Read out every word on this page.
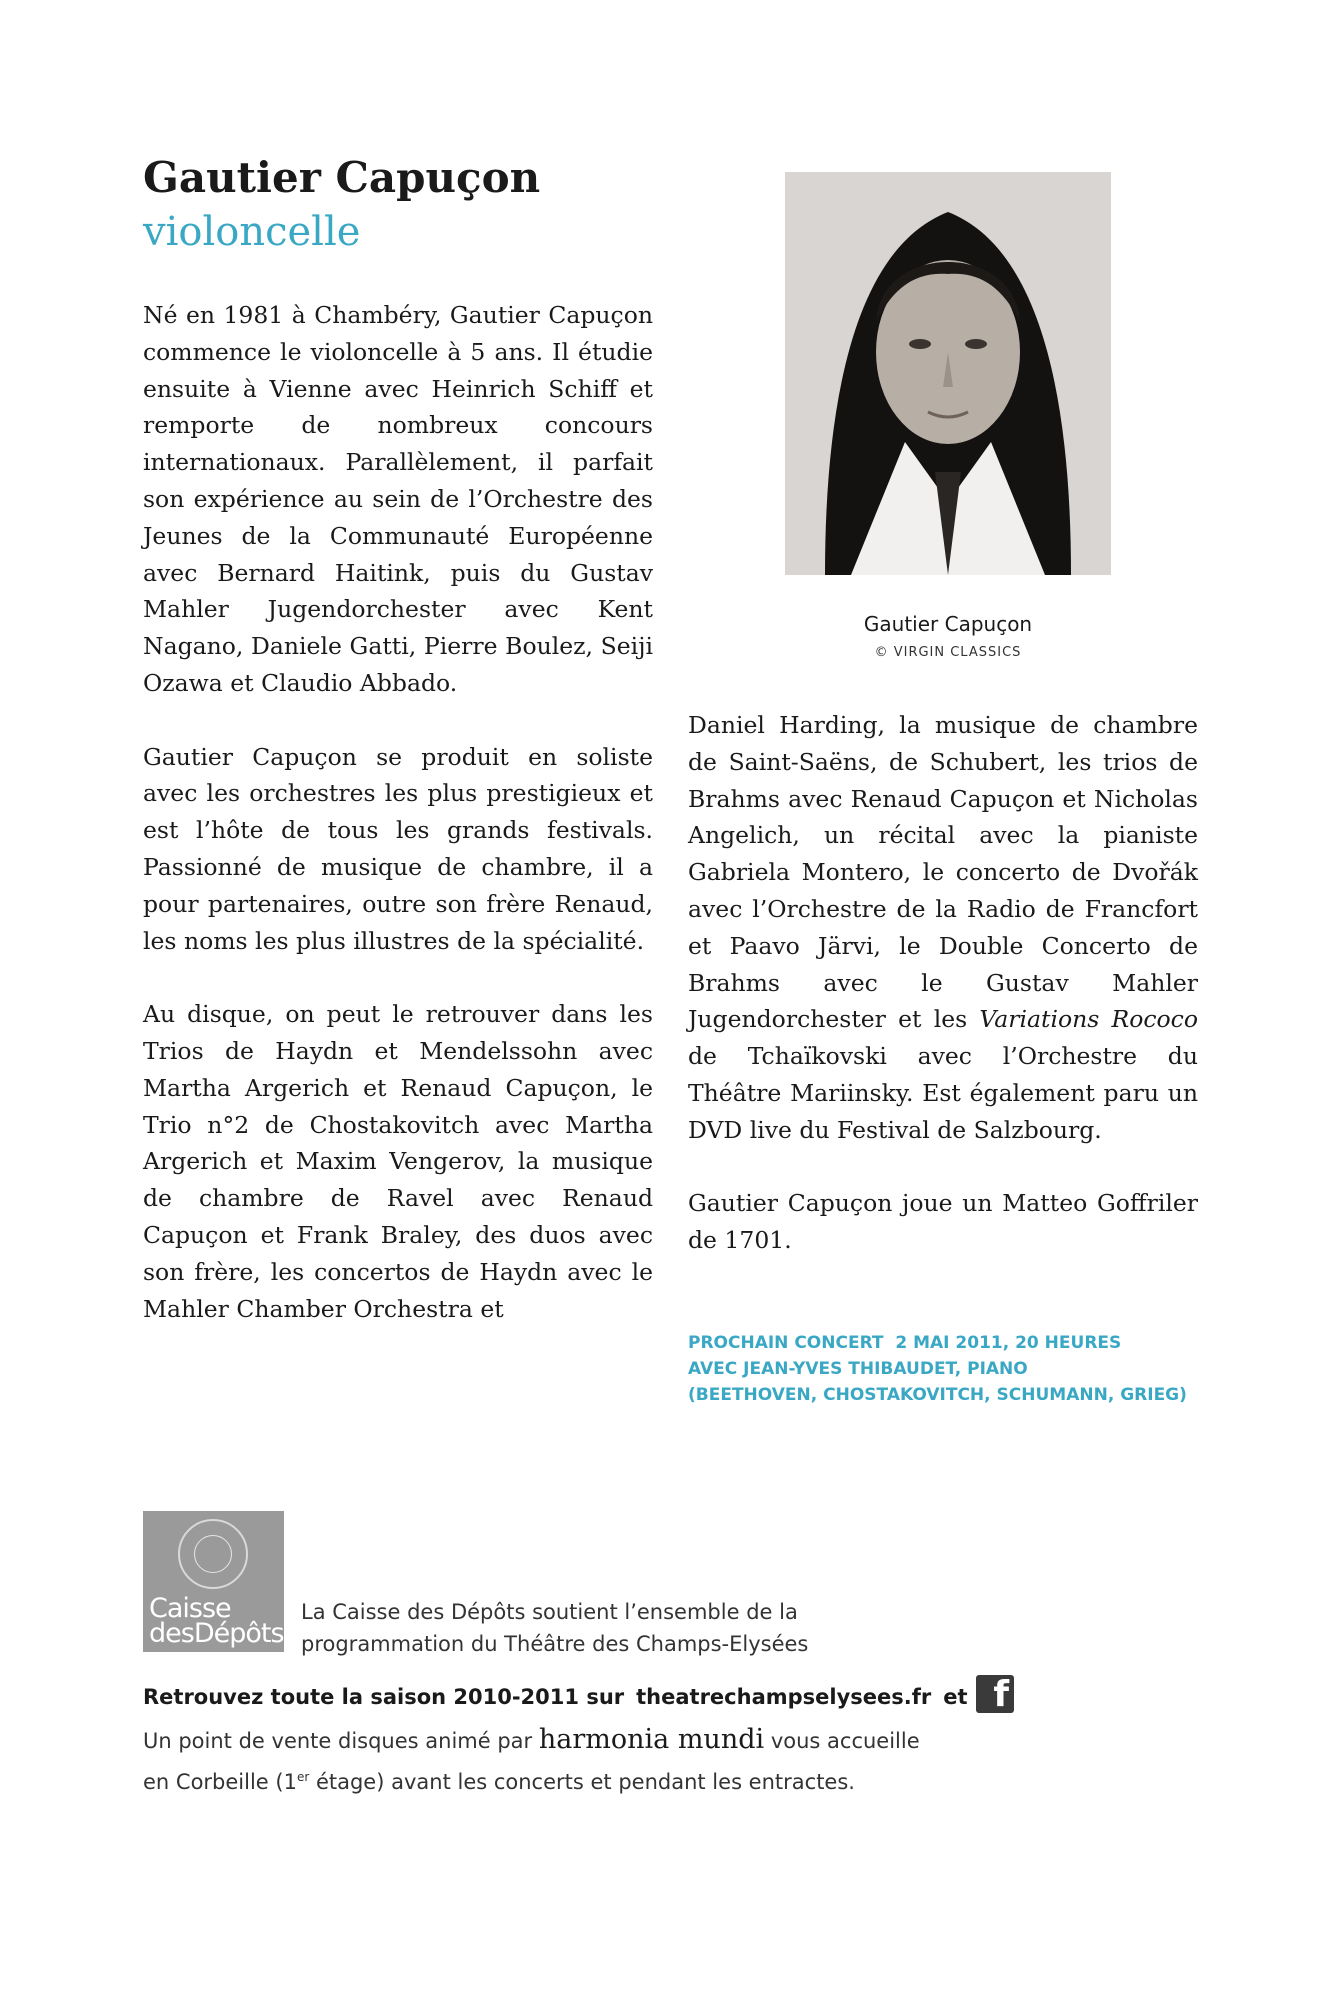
Gautier Capuçon
violoncelle

Né en 1981 à Chambéry, Gautier Capuçon commence le violoncelle à 5 ans. Il étudie ensuite à Vienne avec Heinrich Schiff et remporte de nombreux concours internationaux. Parallèlement, il parfait son expérience au sein de l’Orchestre des Jeunes de la Communauté Européenne avec Bernard Haitink, puis du Gustav Mahler Jugendorchester avec Kent Nagano, Daniele Gatti, Pierre Boulez, Seiji Ozawa et Claudio Abbado.

Gautier Capuçon se produit en soliste avec les orchestres les plus prestigieux et est l’hôte de tous les grands festivals. Passionné de musique de chambre, il a pour partenaires, outre son frère Renaud, les noms les plus illustres de la spécialité.

Au disque, on peut le retrouver dans les Trios de Haydn et Mendelssohn avec Martha Argerich et Renaud Capuçon, le Trio n°2 de Chostakovitch avec Martha Argerich et Maxim Vengerov, la musique de chambre de Ravel avec Renaud Capuçon et Frank Braley, des duos avec son frère, les concertos de Haydn avec le Mahler Chamber Orchestra et

Gautier Capuçon
© VIRGIN CLASSICS

Daniel Harding, la musique de chambre de Saint-Saëns, de Schubert, les trios de Brahms avec Renaud Capuçon et Nicholas Angelich, un récital avec la pianiste Gabriela Montero, le concerto de Dvořák avec l’Orchestre de la Radio de Francfort et Paavo Järvi, le Double Concerto de Brahms avec le Gustav Mahler Jugendorchester et les Variations Rococo de Tchaïkovski avec l’Orchestre du Théâtre Mariinsky. Est également paru un DVD live du Festival de Salzbourg.

Gautier Capuçon joue un Matteo Goffriler de 1701.

PROCHAIN CONCERT 2 MAI 2011, 20 HEURES
AVEC JEAN-YVES THIBAUDET, PIANO
(BEETHOVEN, CHOSTAKOVITCH, SCHUMANN, GRIEG)
Caisse
desDépôts
La Caisse des Dépôts soutient l’ensemble de la programmation du Théâtre des Champs-Elysées
Retrouvez toute la saison 2010-2011 sur theatrechampselysees.fr et f
Un point de vente disques animé par harmonia mundi vous accueille
en Corbeille (1er étage) avant les concerts et pendant les entractes.
